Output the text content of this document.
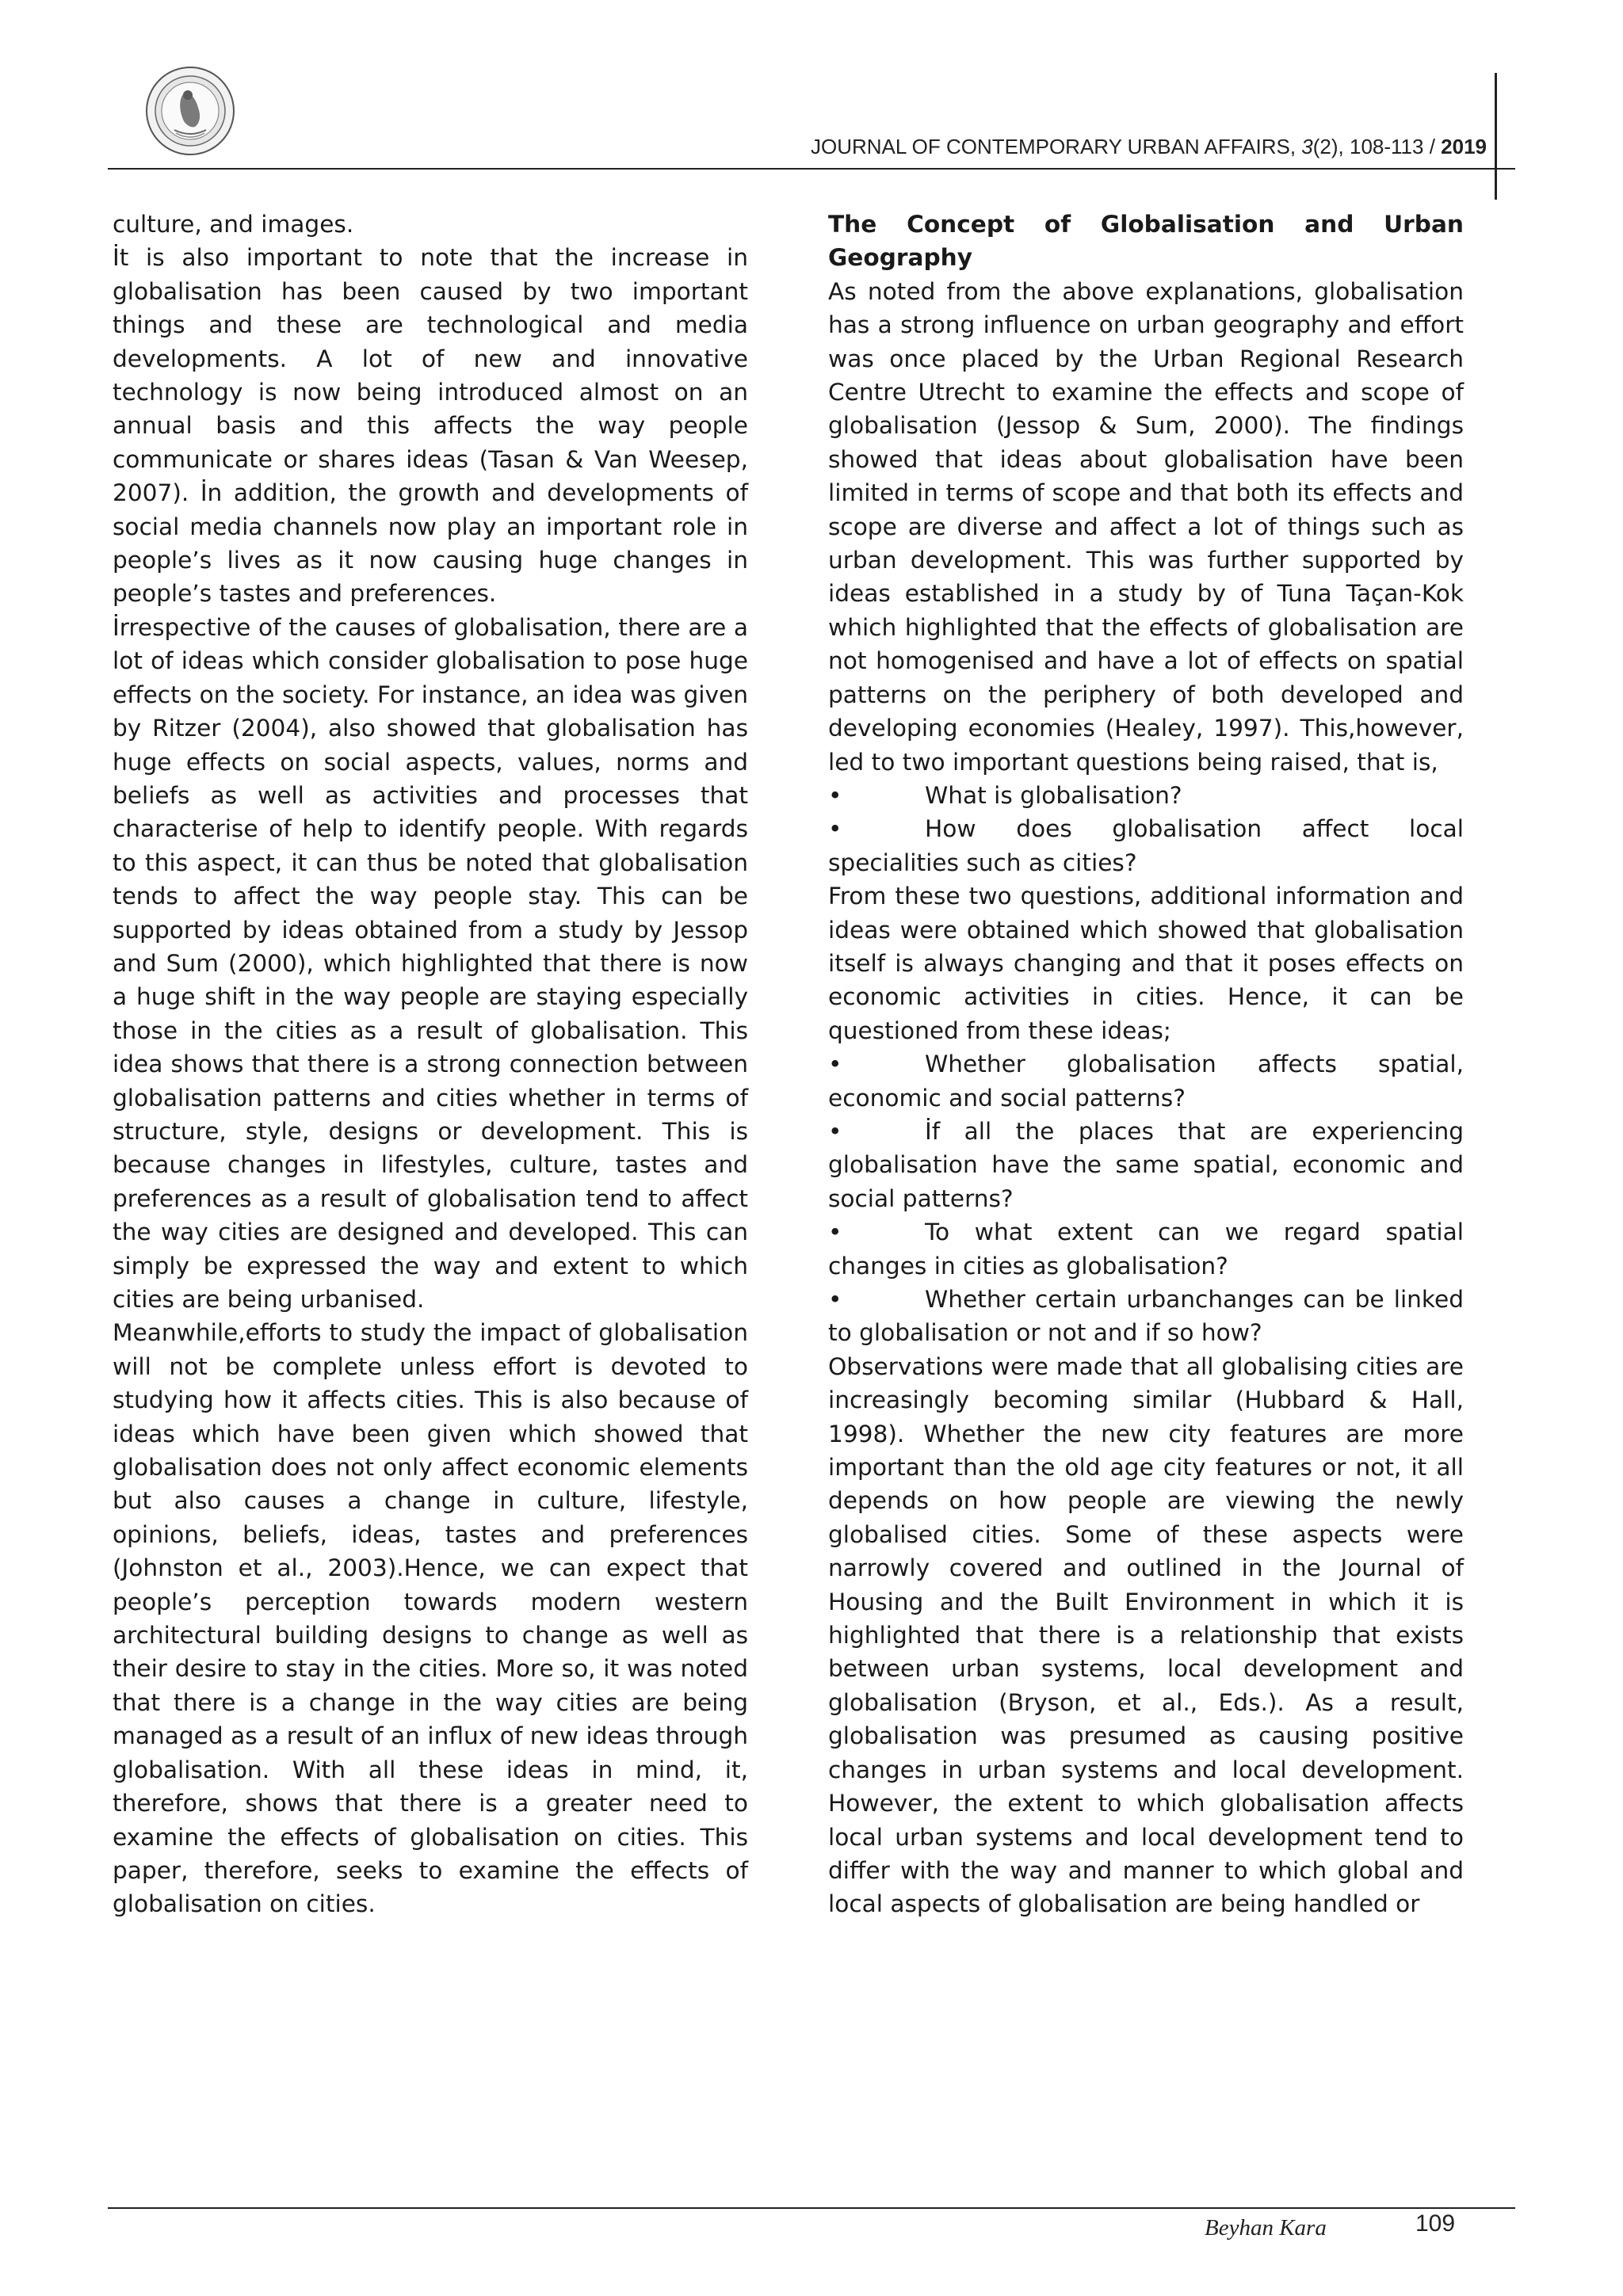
JOURNAL OF CONTEMPORARY URBAN AFFAIRS, 3(2), 108-113 / 2019

culture, and images.

İt is also important to note that the increase in globalisation has been caused by two important things and these are technological and media developments. A lot of new and innovative technology is now being introduced almost on an annual basis and this affects the way people communicate or shares ideas (Tasan & Van Weesep, 2007). İn addition, the growth and developments of social media channels now play an important role in people’s lives as it now causing huge changes in people’s tastes and preferences.

İrrespective of the causes of globalisation, there are a lot of ideas which consider globalisation to pose huge effects on the society. For instance, an idea was given by Ritzer (2004), also showed that globalisation has huge effects on social aspects, values, norms and beliefs as well as activities and processes that characterise of help to identify people. With regards to this aspect, it can thus be noted that globalisation tends to affect the way people stay. This can be supported by ideas obtained from a study by Jessop and Sum (2000), which highlighted that there is now a huge shift in the way people are staying especially those in the cities as a result of globalisation. This idea shows that there is a strong connection between globalisation patterns and cities whether in terms of structure, style, designs or development. This is because changes in lifestyles, culture, tastes and preferences as a result of globalisation tend to affect the way cities are designed and developed. This can simply be expressed the way and extent to which cities are being urbanised.

Meanwhile,efforts to study the impact of globalisation will not be complete unless effort is devoted to studying how it affects cities. This is also because of ideas which have been given which showed that globalisation does not only affect economic elements but also causes a change in culture, lifestyle, opinions, beliefs, ideas, tastes and preferences (Johnston et al., 2003).Hence, we can expect that people’s perception towards modern western architectural building designs to change as well as their desire to stay in the cities. More so, it was noted that there is a change in the way cities are being managed as a result of an influx of new ideas through globalisation. With all these ideas in mind, it, therefore, shows that there is a greater need to examine the effects of globalisation on cities. This paper, therefore, seeks to examine the effects of globalisation on cities.

The Concept of Globalisation and Urban Geography

As noted from the above explanations, globalisation has a strong influence on urban geography and effort was once placed by the Urban Regional Research Centre Utrecht to examine the effects and scope of globalisation (Jessop & Sum, 2000). The findings showed that ideas about globalisation have been limited in terms of scope and that both its effects and scope are diverse and affect a lot of things such as urban development. This was further supported by ideas established in a study by of Tuna Taçan-Kok which highlighted that the effects of globalisation are not homogenised and have a lot of effects on spatial patterns on the periphery of both developed and developing economies (Healey, 1997). This,however, led to two important questions being raised, that is,

•	What is globalisation?

•	How does globalisation affect local specialities such as cities?

From these two questions, additional information and ideas were obtained which showed that globalisation itself is always changing and that it poses effects on economic activities in cities. Hence, it can be questioned from these ideas;

•	Whether globalisation affects spatial, economic and social patterns?

•	İf all the places that are experiencing globalisation have the same spatial, economic and social patterns?

•	To what extent can we regard spatial changes in cities as globalisation?

•	Whether certain urbanchanges can be linked to globalisation or not and if so how?

Observations were made that all globalising cities are increasingly becoming similar (Hubbard & Hall, 1998). Whether the new city features are more important than the old age city features or not, it all depends on how people are viewing the newly globalised cities. Some of these aspects were narrowly covered and outlined in the Journal of Housing and the Built Environment in which it is highlighted that there is a relationship that exists between urban systems, local development and globalisation (Bryson, et al., Eds.). As a result, globalisation was presumed as causing positive changes in urban systems and local development. However, the extent to which globalisation affects local urban systems and local development tend to differ with the way and manner to which global and local aspects of globalisation are being handled or

Beyhan Kara	109
